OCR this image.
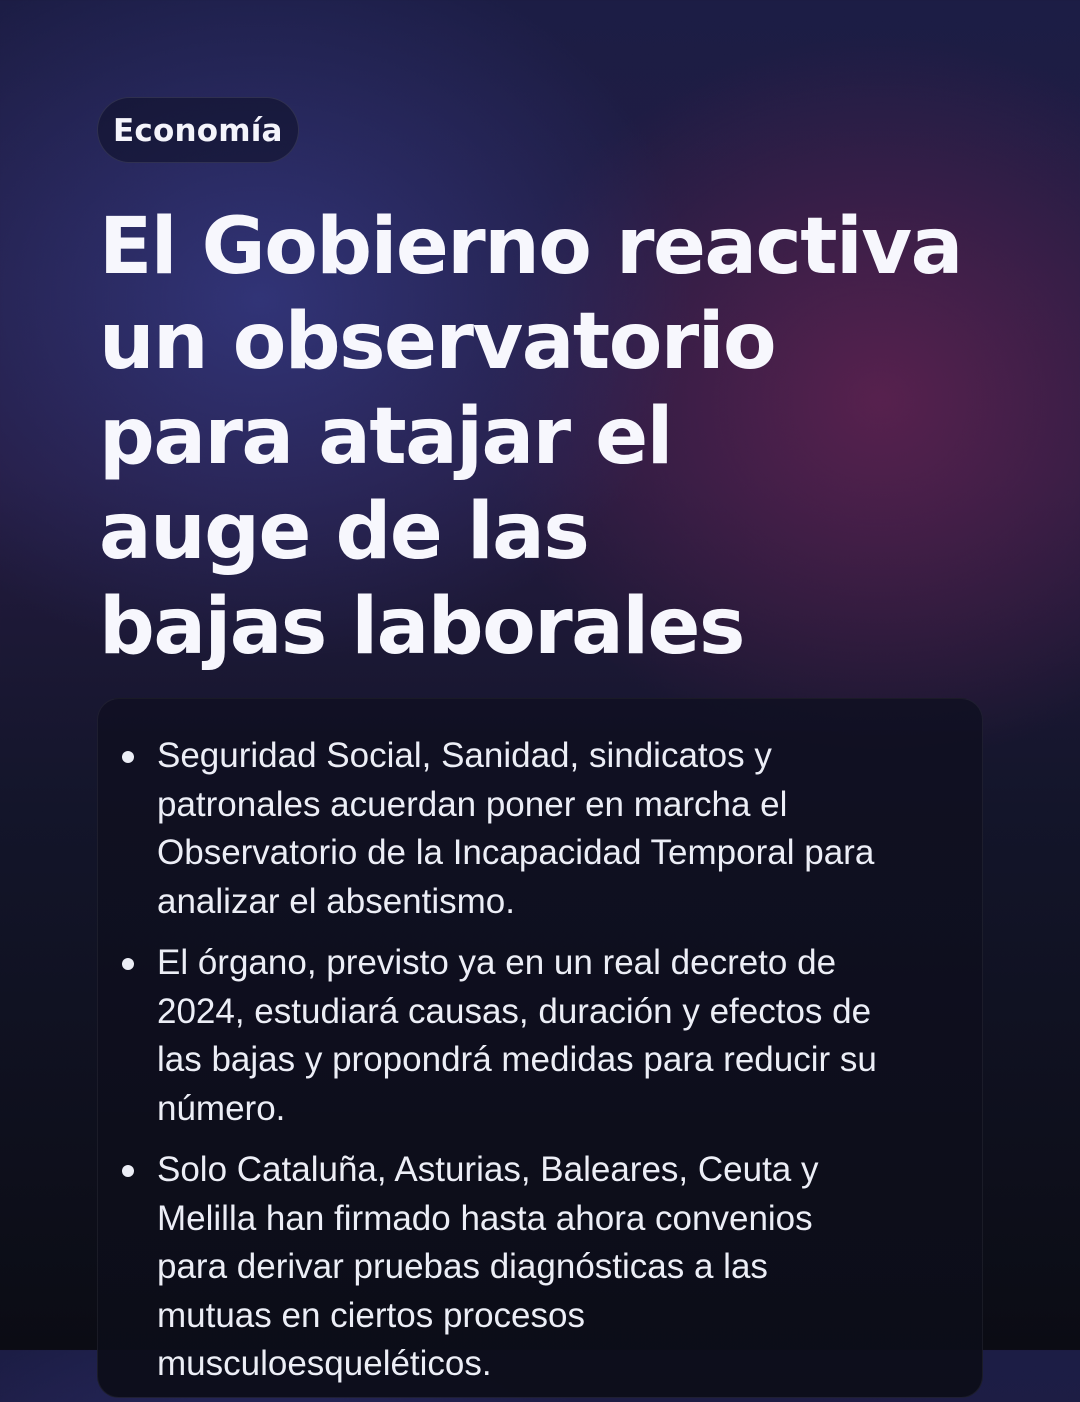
Economía
El Gobierno reactiva
un observatorio
para atajar el
auge de las
bajas laborales
Seguridad Social, Sanidad, sindicatos y
patronales acuerdan poner en marcha el
Observatorio de la Incapacidad Temporal para
analizar el absentismo.
El órgano, previsto ya en un real decreto de
2024, estudiará causas, duración y efectos de
las bajas y propondrá medidas para reducir su
número.
Solo Cataluña, Asturias, Baleares, Ceuta y
Melilla han firmado hasta ahora convenios
para derivar pruebas diagnósticas a las
mutuas en ciertos procesos
musculoesqueléticos.
